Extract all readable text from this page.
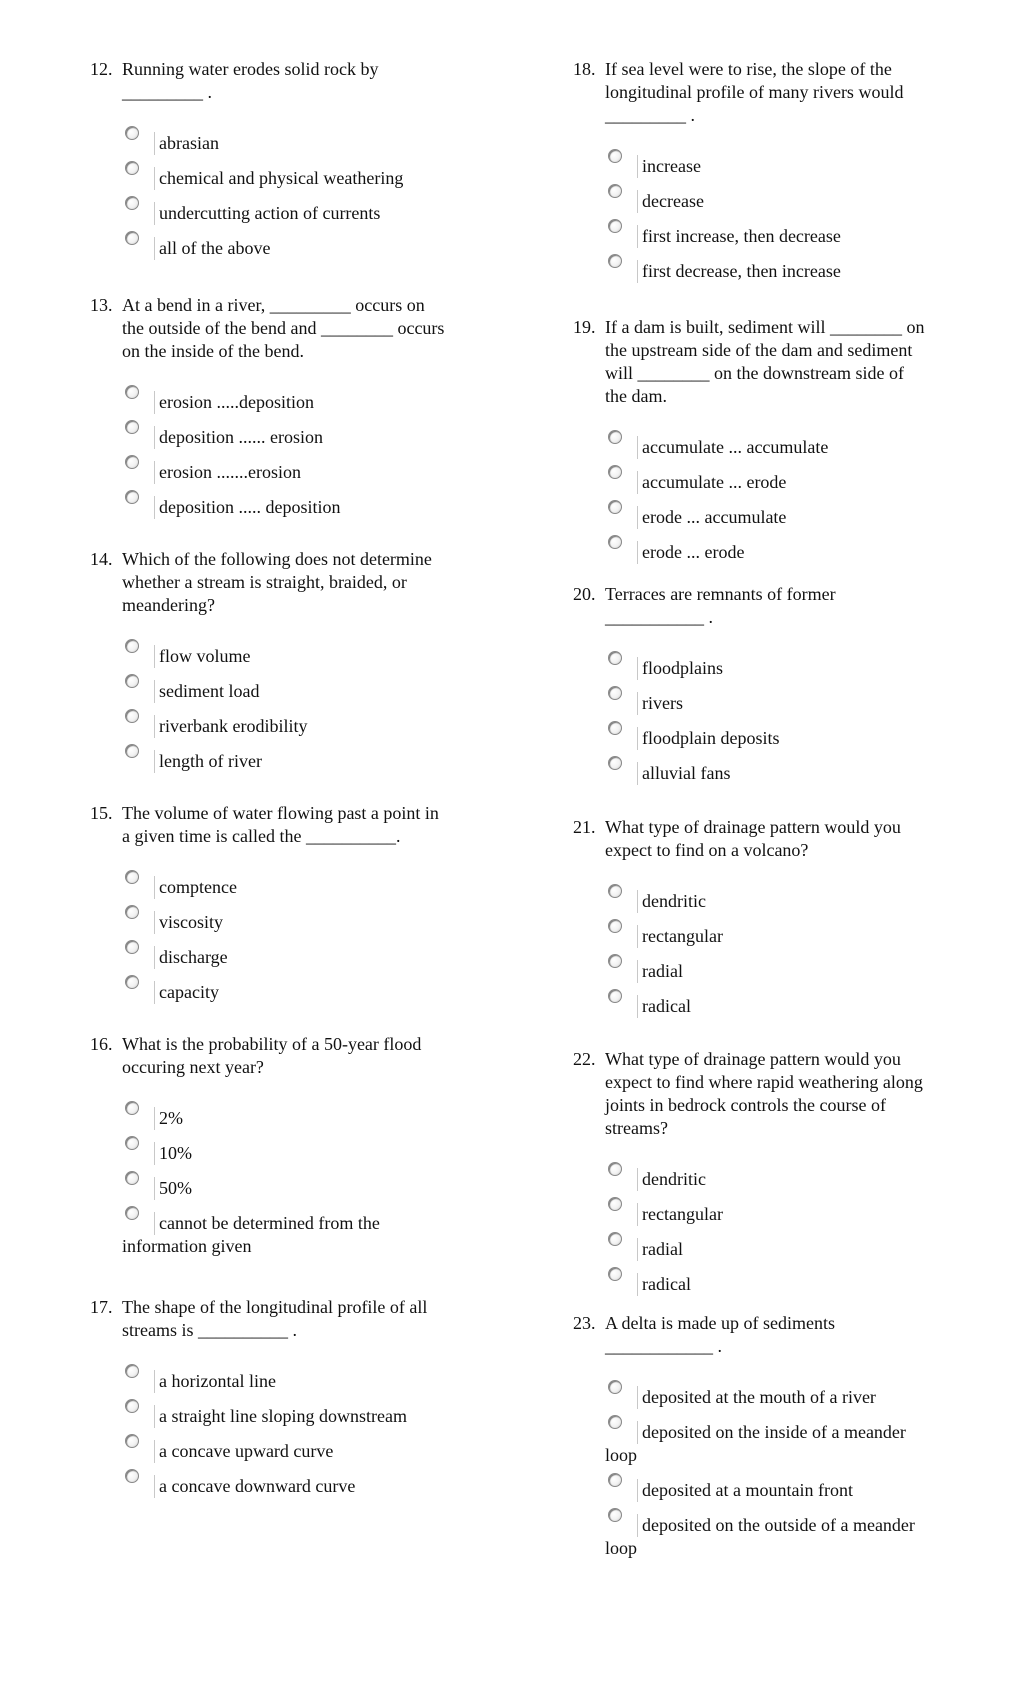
12. Running water erodes solid rock by
_________ .
abrasian
chemical and physical weathering
undercutting action of currents
all of the above
13. At a bend in a river, _________ occurs on
the outside of the bend and ________ occurs
on the inside of the bend.
erosion .....deposition
deposition ...... erosion
erosion .......erosion
deposition ..... deposition
14. Which of the following does not determine
whether a stream is straight, braided, or
meandering?
flow volume
sediment load
riverbank erodibility
length of river
15. The volume of water flowing past a point in
a given time is called the __________.
comptence
viscosity
discharge
capacity
16. What is the probability of a 50-year flood
occuring next year?
2%
10%
50%
cannot be determined from the
information given
17. The shape of the longitudinal profile of all
streams is __________ .
a horizontal line
a straight line sloping downstream
a concave upward curve
a concave downward curve
18. If sea level were to rise, the slope of the
longitudinal profile of many rivers would
_________ .
increase
decrease
first increase, then decrease
first decrease, then increase
19. If a dam is built, sediment will ________ on
the upstream side of the dam and sediment
will ________ on the downstream side of
the dam.
accumulate ... accumulate
accumulate ... erode
erode ... accumulate
erode ... erode
20. Terraces are remnants of former
___________ .
floodplains
rivers
floodplain deposits
alluvial fans
21. What type of drainage pattern would you
expect to find on a volcano?
dendritic
rectangular
radial
radical
22. What type of drainage pattern would you
expect to find where rapid weathering along
joints in bedrock controls the course of
streams?
dendritic
rectangular
radial
radical
23. A delta is made up of sediments
____________ .
deposited at the mouth of a river
deposited on the inside of a meander
loop
deposited at a mountain front
deposited on the outside of a meander
loop
